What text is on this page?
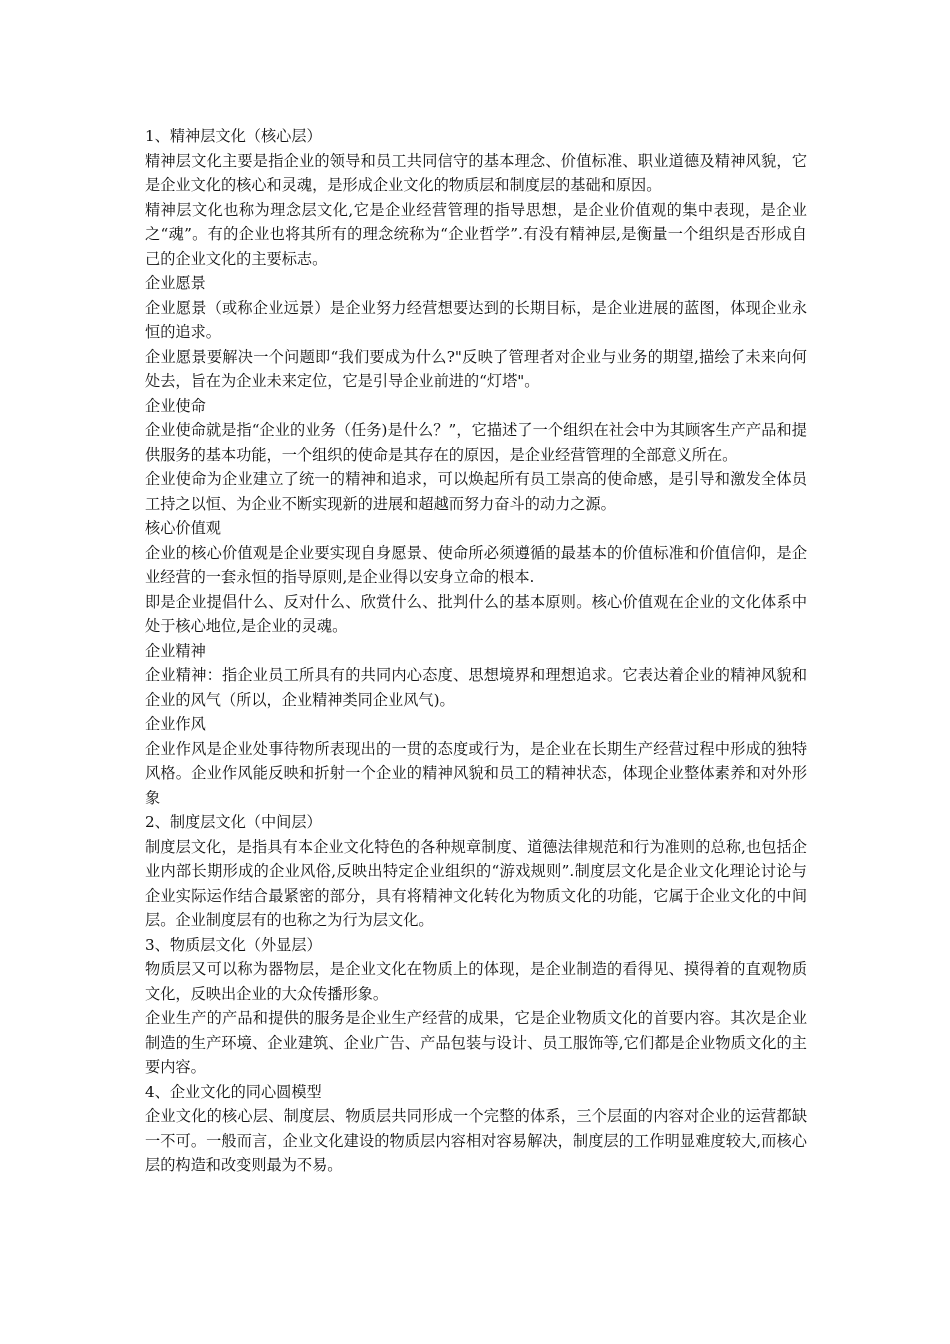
1、精神层文化（核心层）

精神层文化主要是指企业的领导和员工共同信守的基本理念、价值标准、职业道德及精神风貌，它是企业文化的核心和灵魂，是形成企业文化的物质层和制度层的基础和原因。

精神层文化也称为理念层文化,它是企业经营管理的指导思想，是企业价值观的集中表现，是企业之“魂”。有的企业也将其所有的理念统称为“企业哲学”.有没有精神层,是衡量一个组织是否形成自己的企业文化的主要标志。

企业愿景

企业愿景（或称企业远景）是企业努力经营想要达到的长期目标，是企业进展的蓝图，体现企业永恒的追求。

企业愿景要解决一个问题即“我们要成为什么?"反映了管理者对企业与业务的期望,描绘了未来向何处去，旨在为企业未来定位，它是引导企业前进的“灯塔"。

企业使命

企业使命就是指“企业的业务（任务)是什么？”，它描述了一个组织在社会中为其顾客生产产品和提供服务的基本功能，一个组织的使命是其存在的原因，是企业经营管理的全部意义所在。

企业使命为企业建立了统一的精神和追求，可以焕起所有员工崇高的使命感，是引导和激发全体员工持之以恒、为企业不断实现新的进展和超越而努力奋斗的动力之源。

核心价值观

企业的核心价值观是企业要实现自身愿景、使命所必须遵循的最基本的价值标准和价值信仰，是企业经营的一套永恒的指导原则,是企业得以安身立命的根本.

即是企业提倡什么、反对什么、欣赏什么、批判什么的基本原则。核心价值观在企业的文化体系中处于核心地位,是企业的灵魂。

企业精神

企业精神：指企业员工所具有的共同内心态度、思想境界和理想追求。它表达着企业的精神风貌和企业的风气（所以，企业精神类同企业风气)。

企业作风

企业作风是企业处事待物所表现出的一贯的态度或行为，是企业在长期生产经营过程中形成的独特风格。企业作风能反映和折射一个企业的精神风貌和员工的精神状态，体现企业整体素养和对外形象

2、制度层文化（中间层）

制度层文化，是指具有本企业文化特色的各种规章制度、道德法律规范和行为准则的总称,也包括企业内部长期形成的企业风俗,反映出特定企业组织的“游戏规则”.制度层文化是企业文化理论讨论与企业实际运作结合最紧密的部分，具有将精神文化转化为物质文化的功能，它属于企业文化的中间层。企业制度层有的也称之为行为层文化。

3、物质层文化（外显层）

物质层又可以称为器物层，是企业文化在物质上的体现，是企业制造的看得见、摸得着的直观物质文化，反映出企业的大众传播形象。

企业生产的产品和提供的服务是企业生产经营的成果，它是企业物质文化的首要内容。其次是企业制造的生产环境、企业建筑、企业广告、产品包装与设计、员工服饰等,它们都是企业物质文化的主要内容。

4、企业文化的同心圆模型

企业文化的核心层、制度层、物质层共同形成一个完整的体系，三个层面的内容对企业的运营都缺一不可。一般而言，企业文化建设的物质层内容相对容易解决，制度层的工作明显难度较大,而核心层的构造和改变则最为不易。
